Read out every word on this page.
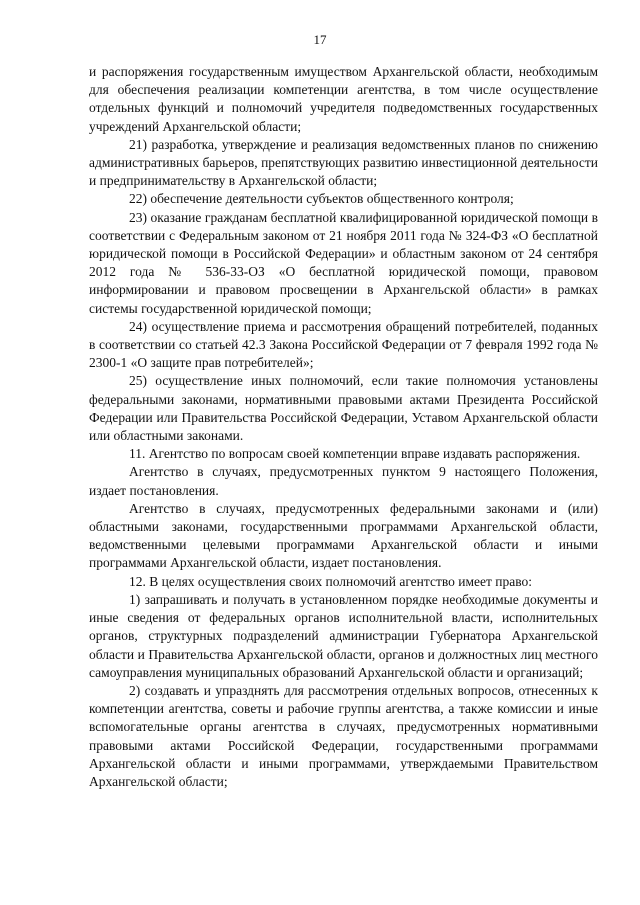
17

и распоряжения государственным имуществом Архангельской области, необходимым для обеспечения реализации компетенции агентства, в том числе осуществление отдельных функций и полномочий учредителя подведомственных государственных учреждений Архангельской области;

21) разработка, утверждение и реализация ведомственных планов по снижению административных барьеров, препятствующих развитию инвестиционной деятельности и предпринимательству в Архангельской области;

22) обеспечение деятельности субъектов общественного контроля;

23) оказание гражданам бесплатной квалифицированной юридической помощи в соответствии с Федеральным законом от 21 ноября 2011 года № 324-ФЗ «О бесплатной юридической помощи в Российской Федерации» и областным законом от 24 сентября 2012 года № 536-33-ОЗ «О бесплатной юридической помощи, правовом информировании и правовом просвещении в Архангельской области» в рамках системы государственной юридической помощи;

24) осуществление приема и рассмотрения обращений потребителей, поданных в соответствии со статьей 42.3 Закона Российской Федерации от 7 февраля 1992 года № 2300-1 «О защите прав потребителей»;

25) осуществление иных полномочий, если такие полномочия установлены федеральными законами, нормативными правовыми актами Президента Российской Федерации или Правительства Российской Федерации, Уставом Архангельской области или областными законами.

11. Агентство по вопросам своей компетенции вправе издавать распоряжения.

Агентство в случаях, предусмотренных пунктом 9 настоящего Положения, издает постановления.

Агентство в случаях, предусмотренных федеральными законами и (или) областными законами, государственными программами Архангельской области, ведомственными целевыми программами Архангельской области и иными программами Архангельской области, издает постановления.

12. В целях осуществления своих полномочий агентство имеет право:

1) запрашивать и получать в установленном порядке необходимые документы и иные сведения от федеральных органов исполнительной власти, исполнительных органов, структурных подразделений администрации Губернатора Архангельской области и Правительства Архангельской области, органов и должностных лиц местного самоуправления муниципальных образований Архангельской области и организаций;

2) создавать и упразднять для рассмотрения отдельных вопросов, отнесенных к компетенции агентства, советы и рабочие группы агентства, а также комиссии и иные вспомогательные органы агентства в случаях, предусмотренных нормативными правовыми актами Российской Федерации, государственными программами Архангельской области и иными программами, утверждаемыми Правительством Архангельской области;
